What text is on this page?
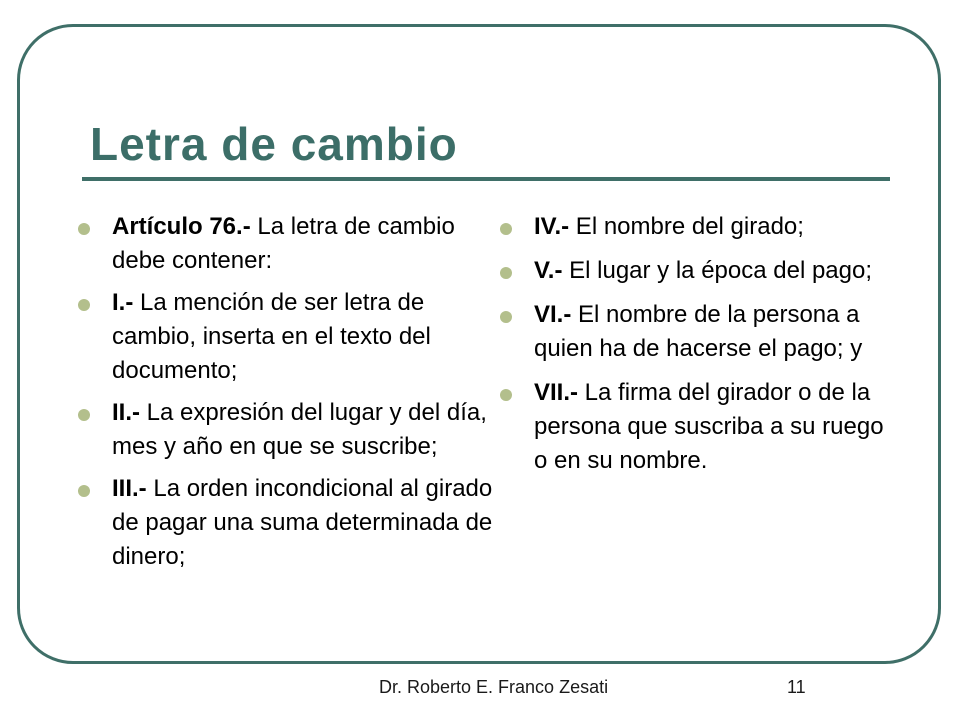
Letra de cambio
Artículo 76.- La letra de cambio debe contener:
I.- La mención de ser letra de cambio, inserta en el texto del documento;
II.- La expresión del lugar y del día, mes y año en que se suscribe;
III.- La orden incondicional al girado de pagar una suma determinada de dinero;
IV.- El nombre del girado;
V.- El lugar y la época del pago;
VI.- El nombre de la persona a quien ha de hacerse el pago; y
VII.- La firma del girador o de la persona que suscriba a su ruego o en su nombre.
Dr. Roberto E. Franco Zesati	11
